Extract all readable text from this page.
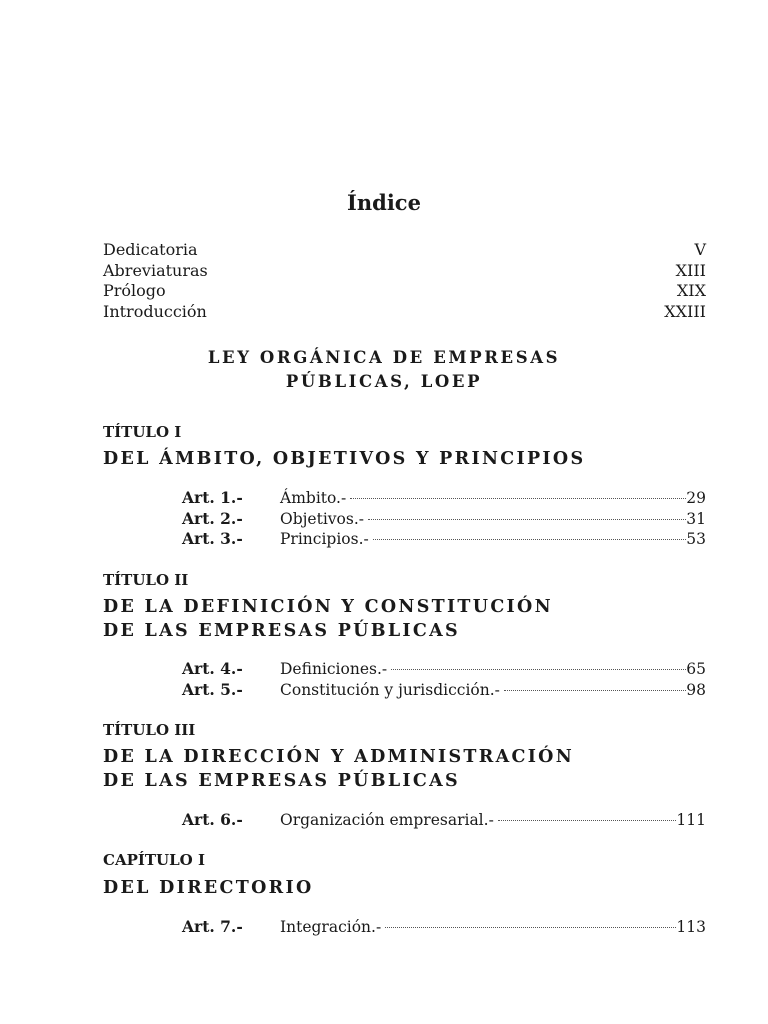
Índice
Dedicatoria	V
Abreviaturas	XIII
Prólogo	XIX
Introducción	XXIII
LEY ORGÁNICA DE EMPRESAS
PÚBLICAS, LOEP
TÍTULO I
DEL ÁMBITO, OBJETIVOS Y PRINCIPIOS
Art. 1.-	Ámbito.-	29
Art. 2.-	Objetivos.-	31
Art. 3.-	Principios.-	53
TÍTULO II
DE LA DEFINICIÓN Y CONSTITUCIÓN
DE LAS EMPRESAS PÚBLICAS
Art. 4.-	Definiciones.-	65
Art. 5.-	Constitución y jurisdicción.-	98
TÍTULO III
DE LA DIRECCIÓN Y ADMINISTRACIÓN
DE LAS EMPRESAS PÚBLICAS
Art. 6.-	Organización empresarial.-	111
CAPÍTULO I
DEL DIRECTORIO
Art. 7.-	Integración.-	113
